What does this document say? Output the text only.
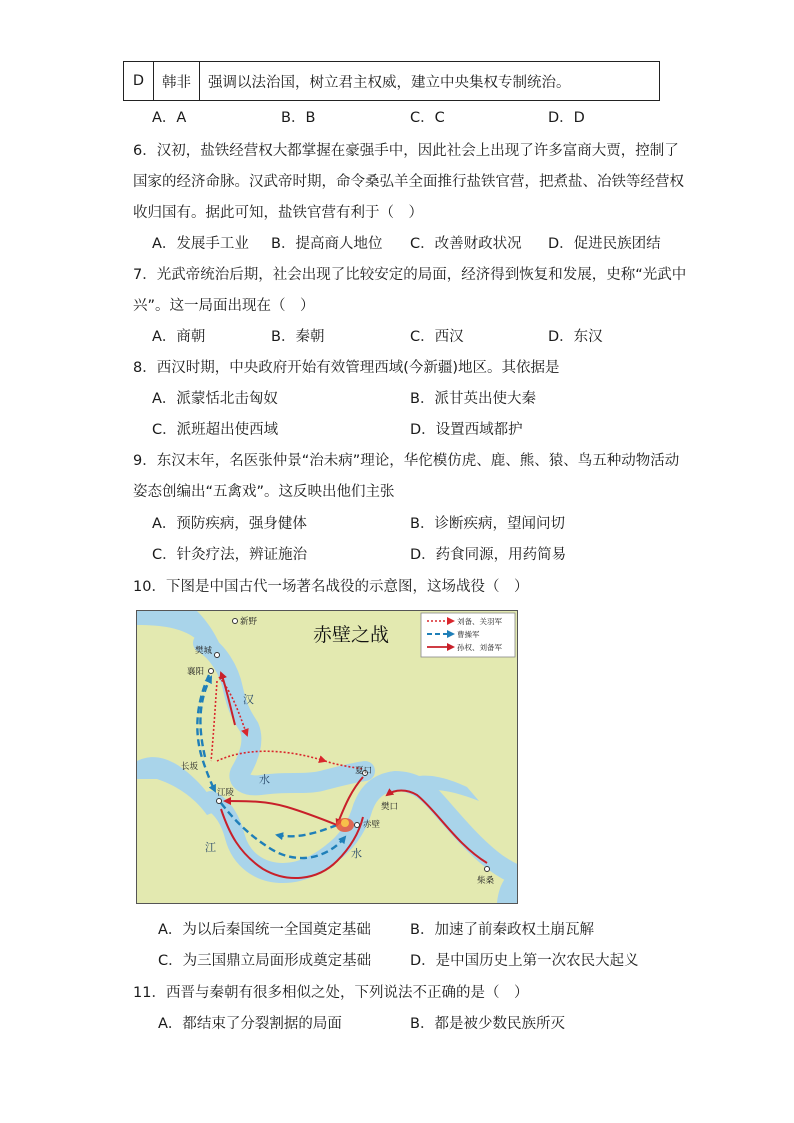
D	韩非	强调以法治国，树立君主权威，建立中央集权专制统治。
A．A	B．B	C．C	D．D
6．汉初，盐铁经营权大都掌握在豪强手中，因此社会上出现了许多富商大贾，控制了
国家的经济命脉。汉武帝时期，命令桑弘羊全面推行盐铁官营，把煮盐、冶铁等经营权
收归国有。据此可知，盐铁官营有利于（　）
A．发展手工业 B．提高商人地位 C．改善财政状况 D．促进民族团结
7．光武帝统治后期，社会出现了比较安定的局面，经济得到恢复和发展，史称“光武中
兴”。这一局面出现在（　）
A．商朝	B．秦朝	C．西汉	D．东汉
8．西汉时期，中央政府开始有效管理西域(今新疆)地区。其依据是
A．派蒙恬北击匈奴	B．派甘英出使大秦
C．派班超出使西域	D．设置西域都护
9．东汉末年，名医张仲景“治未病”理论，华佗模仿虎、鹿、熊、猿、鸟五种动物活动
姿态创编出“五禽戏”。这反映出他们主张
A．预防疾病，强身健体	B．诊断疾病，望闻问切
C．针灸疗法，辨证施治	D．药食同源，用药简易
10．下图是中国古代一场著名战役的示意图，这场战役（　）
赤壁之战
刘备、关羽军
曹操军
孙权、刘备军
新野
樊城
襄阳
长坂
江陵
夏口
樊口
赤壁
柴桑
汉
水
江	水
A．为以后秦国统一全国奠定基础	B．加速了前秦政权土崩瓦解
C．为三国鼎立局面形成奠定基础	D．是中国历史上第一次农民大起义
11．西晋与秦朝有很多相似之处，下列说法不正确的是（　）
A．都结束了分裂割据的局面	B．都是被少数民族所灭
